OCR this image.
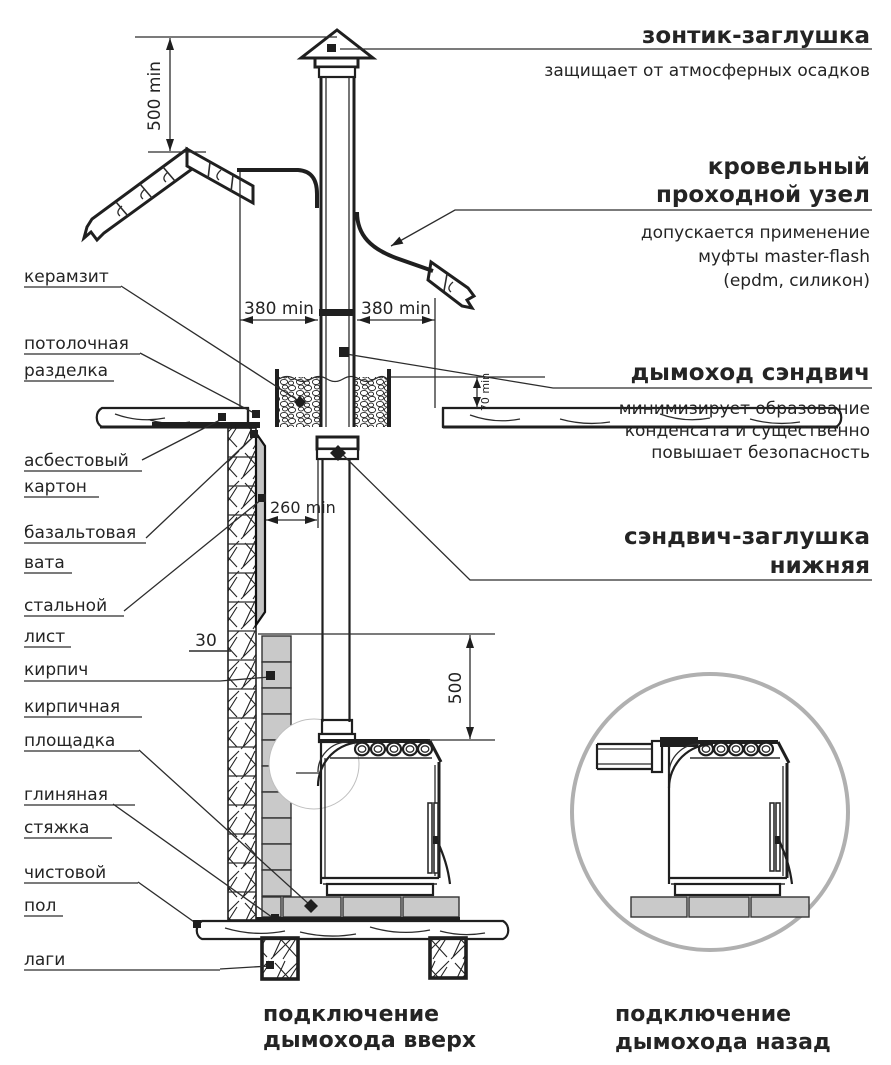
керамзит
потолочная
разделка
асбестовый
картон
базальтовая
вата
стальной
лист
кирпич
кирпичная
площадка
глиняная
стяжка
чистовой
пол
лаги
500 min
380 min	380 min
70 min
260 min
30
500
зонтик-заглушка
защищает от атмосферных осадков
кровельный
проходной узел
допускается применение
муфты master-flash
(epdm, силикон)
дымоход сэндвич
минимизирует образование
конденсата и существенно
повышает безопасность
сэндвич-заглушка
нижняя
подключение
дымохода вверх
подключение
дымохода назад
